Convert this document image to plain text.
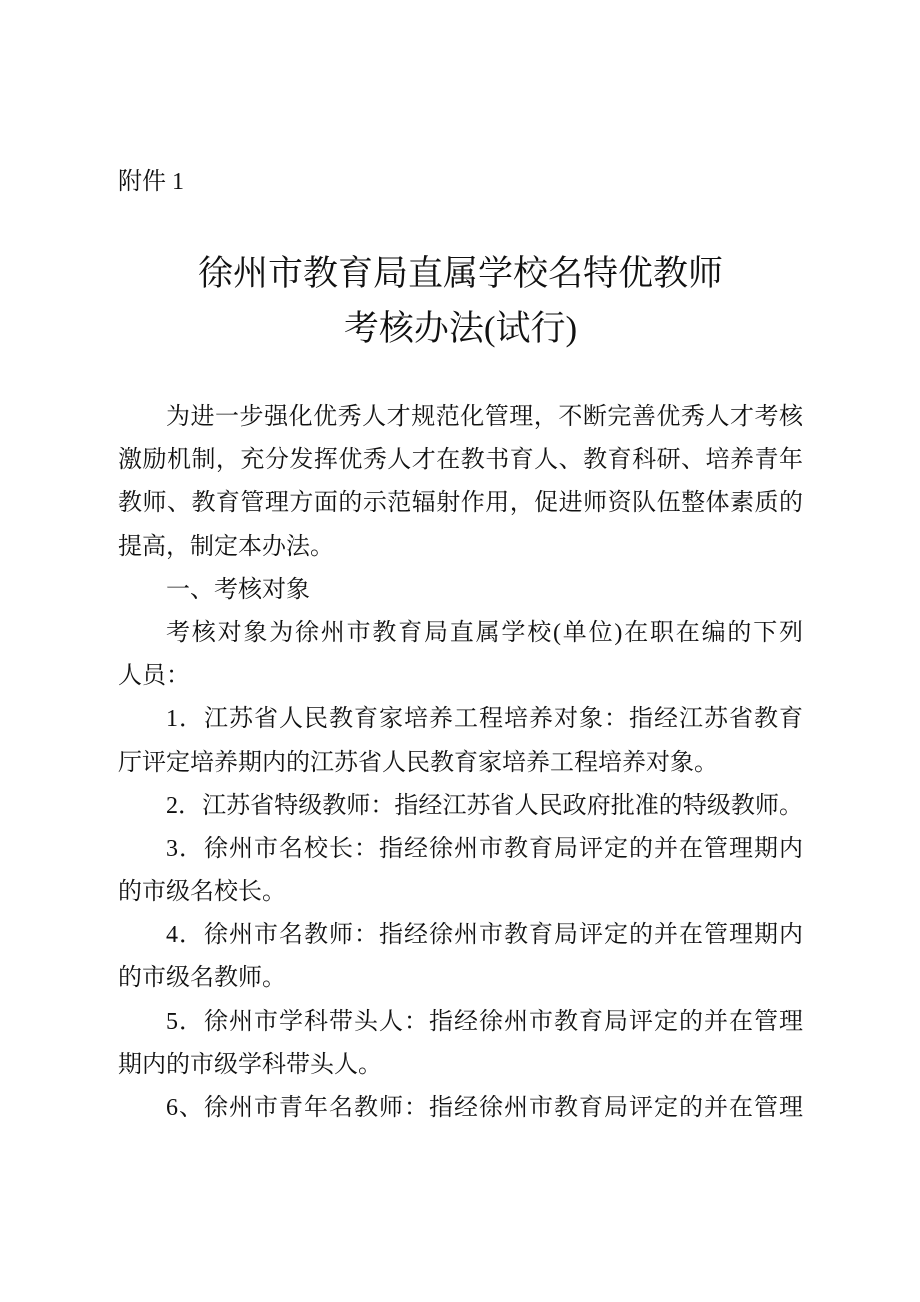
附件 1
徐州市教育局直属学校名特优教师
考核办法(试行)
为进一步强化优秀人才规范化管理，不断完善优秀人才考核
激励机制，充分发挥优秀人才在教书育人、教育科研、培养青年
教师、教育管理方面的示范辐射作用，促进师资队伍整体素质的
提高，制定本办法。
一、考核对象
考核对象为徐州市教育局直属学校(单位)在职在编的下列
人员：
1．江苏省人民教育家培养工程培养对象：指经江苏省教育
厅评定培养期内的江苏省人民教育家培养工程培养对象。
2．江苏省特级教师：指经江苏省人民政府批准的特级教师。
3．徐州市名校长：指经徐州市教育局评定的并在管理期内
的市级名校长。
4．徐州市名教师：指经徐州市教育局评定的并在管理期内
的市级名教师。
5．徐州市学科带头人：指经徐州市教育局评定的并在管理
期内的市级学科带头人。
6、徐州市青年名教师：指经徐州市教育局评定的并在管理
